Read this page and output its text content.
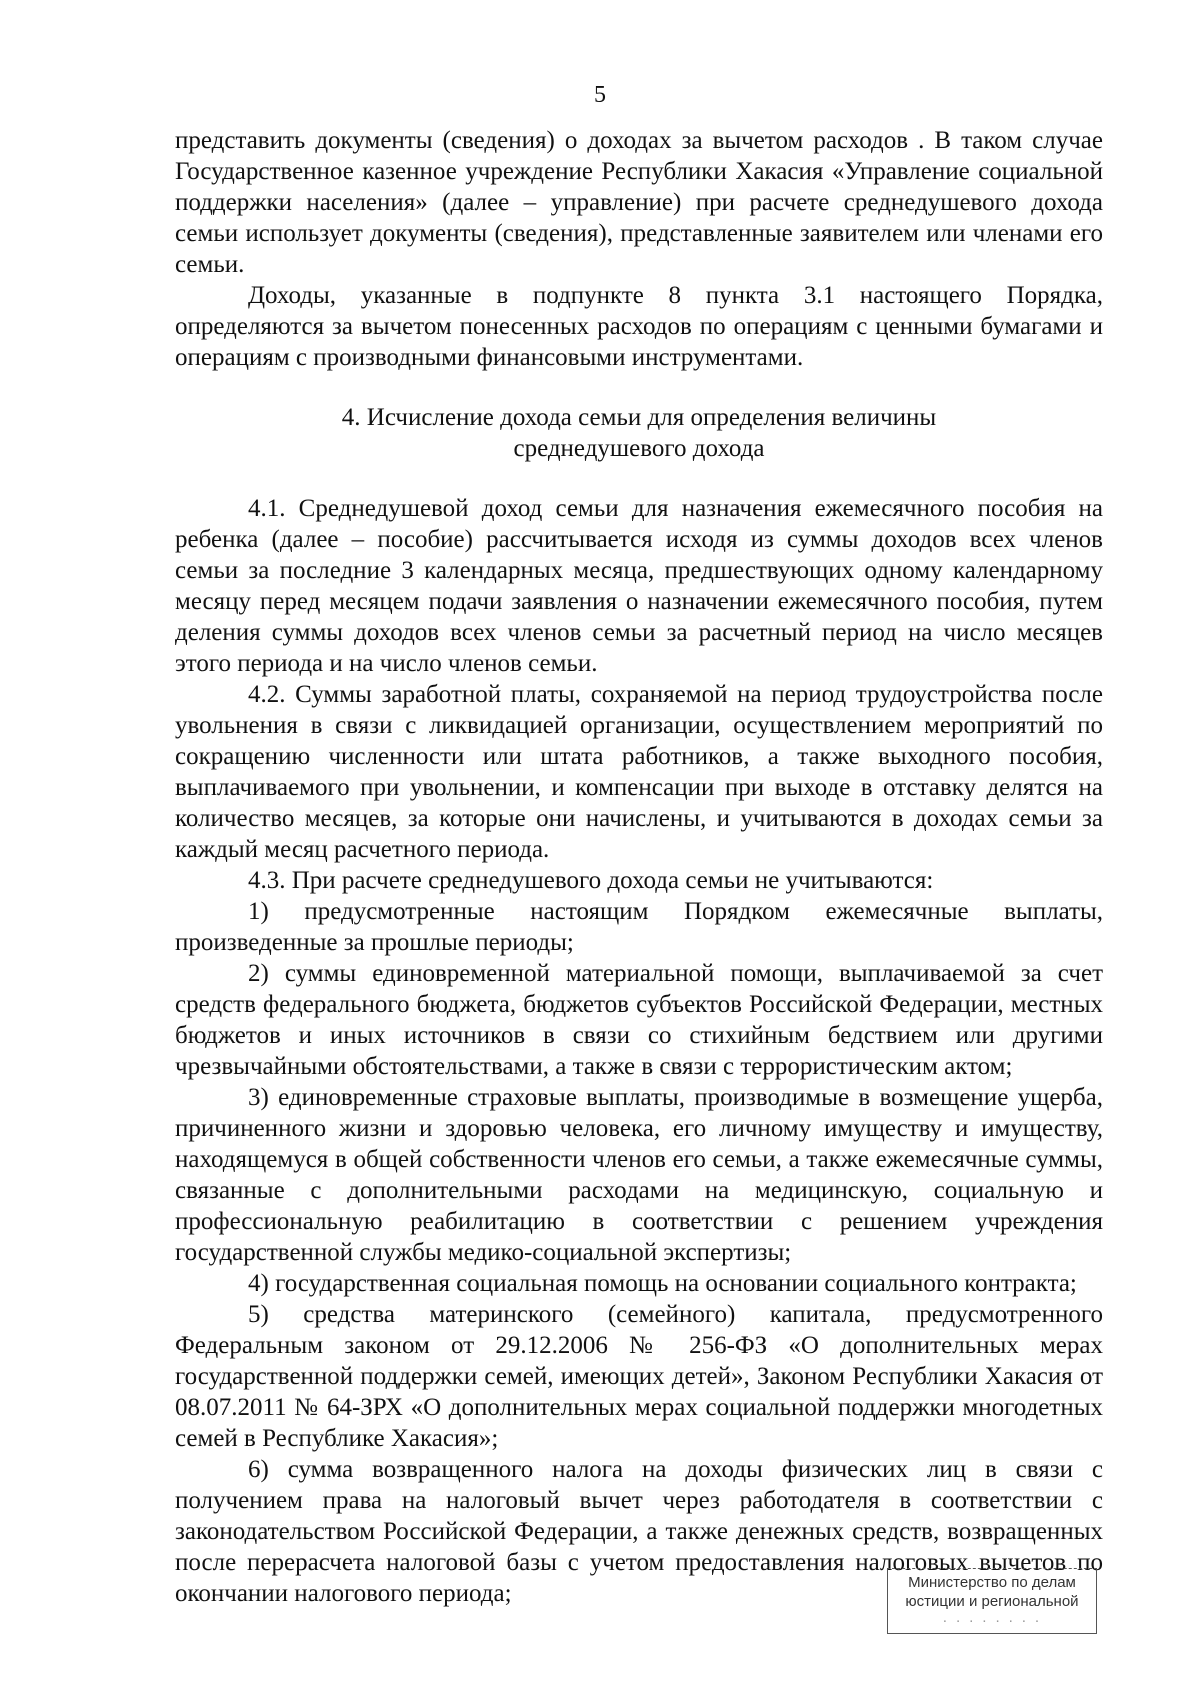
5

представить документы (сведения) о доходах за вычетом расходов . В таком случае Государственное казенное учреждение Республики Хакасия «Управление социальной поддержки населения» (далее – управление) при расчете среднедушевого дохода семьи использует документы (сведения), представленные заявителем или членами его семьи.

Доходы, указанные в подпункте 8 пункта 3.1 настоящего Порядка, определяются за вычетом понесенных расходов по операциям с ценными бумагами и операциям с производными финансовыми инструментами.

4. Исчисление дохода семьи для определения величины
среднедушевого дохода

4.1. Среднедушевой доход семьи для назначения ежемесячного пособия на ребенка (далее – пособие) рассчитывается исходя из суммы доходов всех членов семьи за последние 3 календарных месяца, предшествующих одному календарному месяцу перед месяцем подачи заявления о назначении ежемесячного пособия, путем деления суммы доходов всех членов семьи за расчетный период на число месяцев этого периода и на число членов семьи.

4.2. Суммы заработной платы, сохраняемой на период трудоустройства после увольнения в связи с ликвидацией организации, осуществлением мероприятий по сокращению численности или штата работников, а также выходного пособия, выплачиваемого при увольнении, и компенсации при выходе в отставку делятся на количество месяцев, за которые они начислены, и учитываются в доходах семьи за каждый месяц расчетного периода.

4.3. При расчете среднедушевого дохода семьи не учитываются:

1) предусмотренные настоящим Порядком ежемесячные выплаты, произведенные за прошлые периоды;

2) суммы единовременной материальной помощи, выплачиваемой за счет средств федерального бюджета, бюджетов субъектов Российской Федерации, местных бюджетов и иных источников в связи со стихийным бедствием или другими чрезвычайными обстоятельствами, а также в связи с террористическим актом;

3) единовременные страховые выплаты, производимые в возмещение ущерба, причиненного жизни и здоровью человека, его личному имуществу и имуществу, находящемуся в общей собственности членов его семьи, а также ежемесячные суммы, связанные с дополнительными расходами на медицинскую, социальную и профессиональную реабилитацию в соответствии с решением учреждения государственной службы медико-социальной экспертизы;

4) государственная социальная помощь на основании социального контракта;

5) средства материнского (семейного) капитала, предусмотренного Федеральным законом от 29.12.2006 № 256-ФЗ «О дополнительных мерах государственной поддержки семей, имеющих детей», Законом Республики Хакасия от 08.07.2011 № 64-ЗРХ «О дополнительных мерах социальной поддержки многодетных семей в Республике Хакасия»;

6) сумма возвращенного налога на доходы физических лиц в связи с получением права на налоговый вычет через работодателя в соответствии с законодательством Российской Федерации, а также денежных средств, возвращенных после перерасчета налоговой базы с учетом предоставления налоговых вычетов по окончании налогового периода;	Министерство по делам
юстиции и региональной
· · · · · · · ·
